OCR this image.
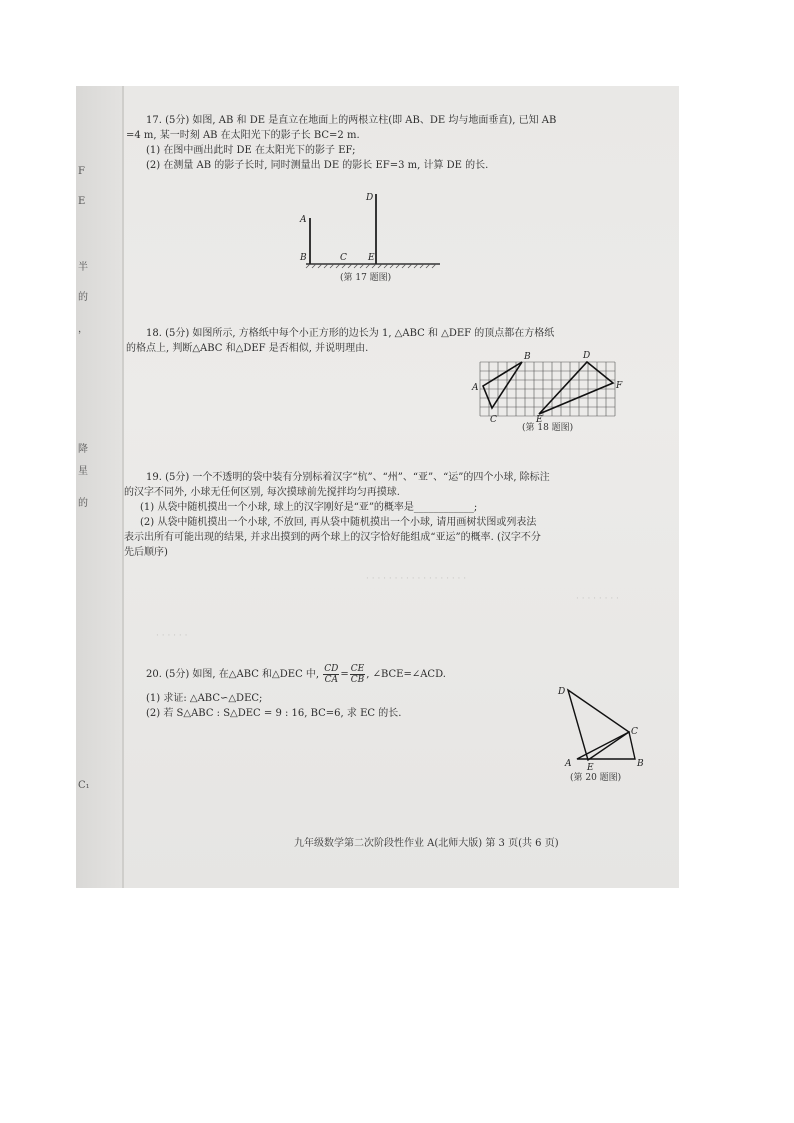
F
E
半
的
，
降
星
的
C₁
· · · · · · · · · · · · · · · · · ·
· · · · · · · ·
· · · · · ·

17. (5分) 如图, AB 和 DE 是直立在地面上的两根立柱(即 AB、DE 均与地面垂直), 已知 AB

=4 m, 某一时刻 AB 在太阳光下的影子长 BC=2 m.

(1) 在图中画出此时 DE 在太阳光下的影子 EF;

(2) 在测量 AB 的影子长时, 同时测量出 DE 的影长 EF=3 m, 计算 DE 的长.

A
B	C
D
E
(第 17 题图)

18. (5分) 如图所示, 方格纸中每个小正方形的边长为 1, △ABC 和 △DEF 的顶点都在方格纸

的格点上, 判断△ABC 和△DEF 是否相似, 并说明理由.

A
B
C
D
E
F
(第 18 题图)

19. (5分) 一个不透明的袋中装有分别标着汉字“杭”、“州”、“亚”、“运”的四个小球, 除标注

的汉字不同外, 小球无任何区别, 每次摸球前先搅拌均匀再摸球.

(1) 从袋中随机摸出一个小球, 球上的汉字刚好是“亚”的概率是____________;

(2) 从袋中随机摸出一个小球, 不放回, 再从袋中随机摸出一个小球, 请用画树状图或列表法

表示出所有可能出现的结果, 并求出摸到的两个球上的汉字恰好能组成“亚运”的概率. (汉字不分

先后顺序)

20. (5分) 如图, 在△ABC 和△DEC 中, $\frac{CD}{CA} = \frac{CE}{CB}$ , ∠BCE=∠ACD.

(1) 求证: △ABC∽△DEC;

(2) 若 S△ABC : S△DEC = 9 : 16, BC=6, 求 EC 的长.

D
A
C
B
E
(第 20 题图)
九年级数学第二次阶段性作业 A(北师大版) 第 3 页(共 6 页)
